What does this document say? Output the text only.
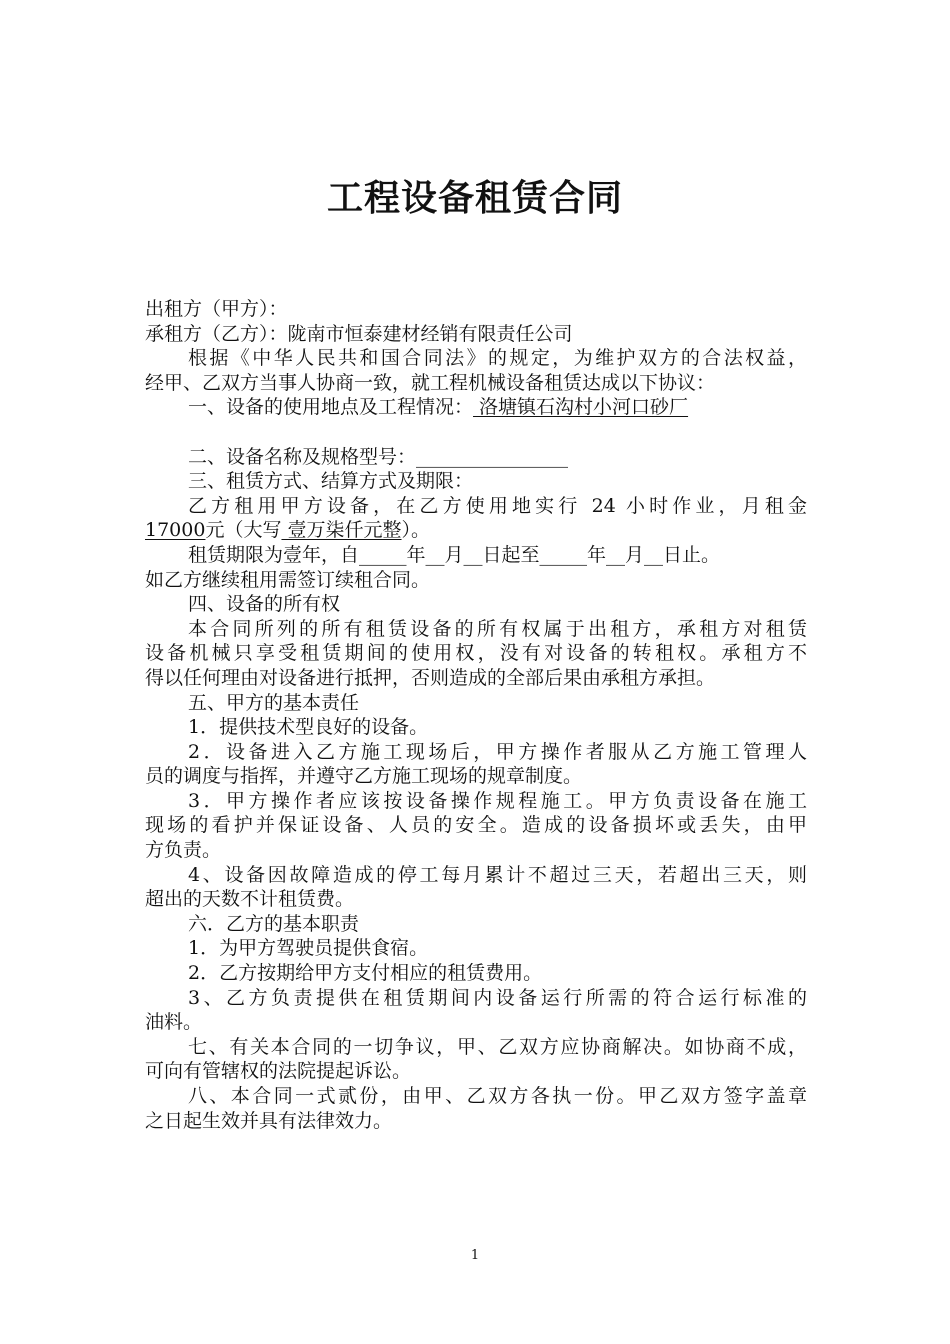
工程设备租赁合同
出租方（甲方）：
承租方（乙方）：陇南市恒泰建材经销有限责任公司
根据《中华人民共和国合同法》的规定，为维护双方的合法权益，
经甲、乙双方当事人协商一致，就工程机械设备租赁达成以下协议：
一、设备的使用地点及工程情况： 洛塘镇石沟村小河口砂厂
二、设备名称及规格型号：________________
三、租赁方式、结算方式及期限：
乙方租用甲方设备，在乙方使用地实行 24 小时作业，月租金
17000元（大写 壹万柒仟元整）。
租赁期限为壹年，自_____年__月__日起至_____年__月__日止。
如乙方继续租用需签订续租合同。
四、设备的所有权
本合同所列的所有租赁设备的所有权属于出租方，承租方对租赁
设备机械只享受租赁期间的使用权，没有对设备的转租权。承租方不
得以任何理由对设备进行抵押，否则造成的全部后果由承租方承担。
五、甲方的基本责任
1．提供技术型良好的设备。
2．设备进入乙方施工现场后，甲方操作者服从乙方施工管理人
员的调度与指挥，并遵守乙方施工现场的规章制度。
3．甲方操作者应该按设备操作规程施工。甲方负责设备在施工
现场的看护并保证设备、人员的安全。造成的设备损坏或丢失，由甲
方负责。
4、设备因故障造成的停工每月累计不超过三天，若超出三天，则
超出的天数不计租赁费。
六．乙方的基本职责
1．为甲方驾驶员提供食宿。
2．乙方按期给甲方支付相应的租赁费用。
3、乙方负责提供在租赁期间内设备运行所需的符合运行标准的
油料。
七、有关本合同的一切争议，甲、乙双方应协商解决。如协商不成，
可向有管辖权的法院提起诉讼。
八、本合同一式贰份，由甲、乙双方各执一份。甲乙双方签字盖章
之日起生效并具有法律效力。
1
